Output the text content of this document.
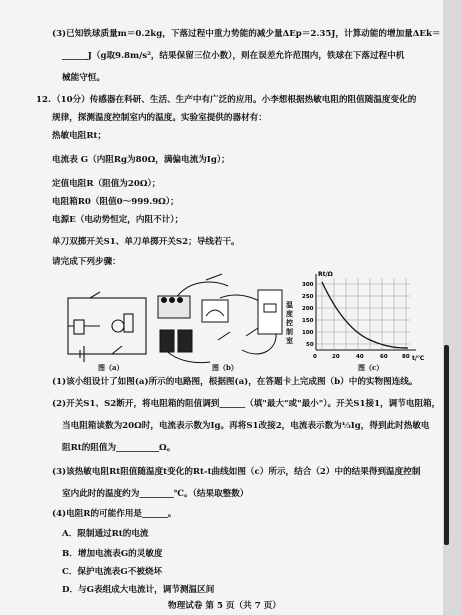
(3)已知铁球质量m＝0.2kg，下落过程中重力势能的减少量ΔEp＝2.35J，计算动能的增加量ΔEk＝
______J（g取9.8m/s²，结果保留三位小数），则在误差允许范围内，铁球在下落过程中机
械能守恒。
12. （10分）传感器在科研、生活、生产中有广泛的应用。小李想根据热敏电阻的阻值随温度变化的
规律，探测温度控制室内的温度。实验室提供的器材有：
热敏电阻Rt；
电流表 G（内阻Rg为80Ω，满偏电流为Ig）；
定值电阻R（阻值为20Ω）；
电阻箱R0（阻值0～999.9Ω）；
电源E（电动势恒定，内阻不计）；
单刀双掷开关S1、单刀单掷开关S2；导线若干。
请完成下列步骤：
图（a）	图（b）
温度控制室
Rt/Ω
t/℃
300
250
200
150
100
50
0	20	40	60	80
图（c）
(1)该小组设计了如图(a)所示的电路图，根据图(a)，在答题卡上完成图（b）中的实物图连线。
(2)开关S1、S2断开，将电阻箱的阻值调到______（填"最大"或"最小"）。开关S1接1，调节电阻箱，
当电阻箱读数为20Ω时，电流表示数为Ig。再将S1改接2，电流表示数为⅓Ig，得到此时热敏电
阻Rt的阻值为__________Ω。
(3)该热敏电阻Rt阻值随温度t变化的Rt-t曲线如图（c）所示，结合（2）中的结果得到温度控制
室内此时的温度约为________℃。（结果取整数）
(4)电阻R的可能作用是______。
A．限制通过Rt的电流
B．增加电流表G的灵敏度
C．保护电流表G不被烧坏
D．与G表组成大电流计，调节测温区间
物理试卷 第 5 页（共 7 页）
